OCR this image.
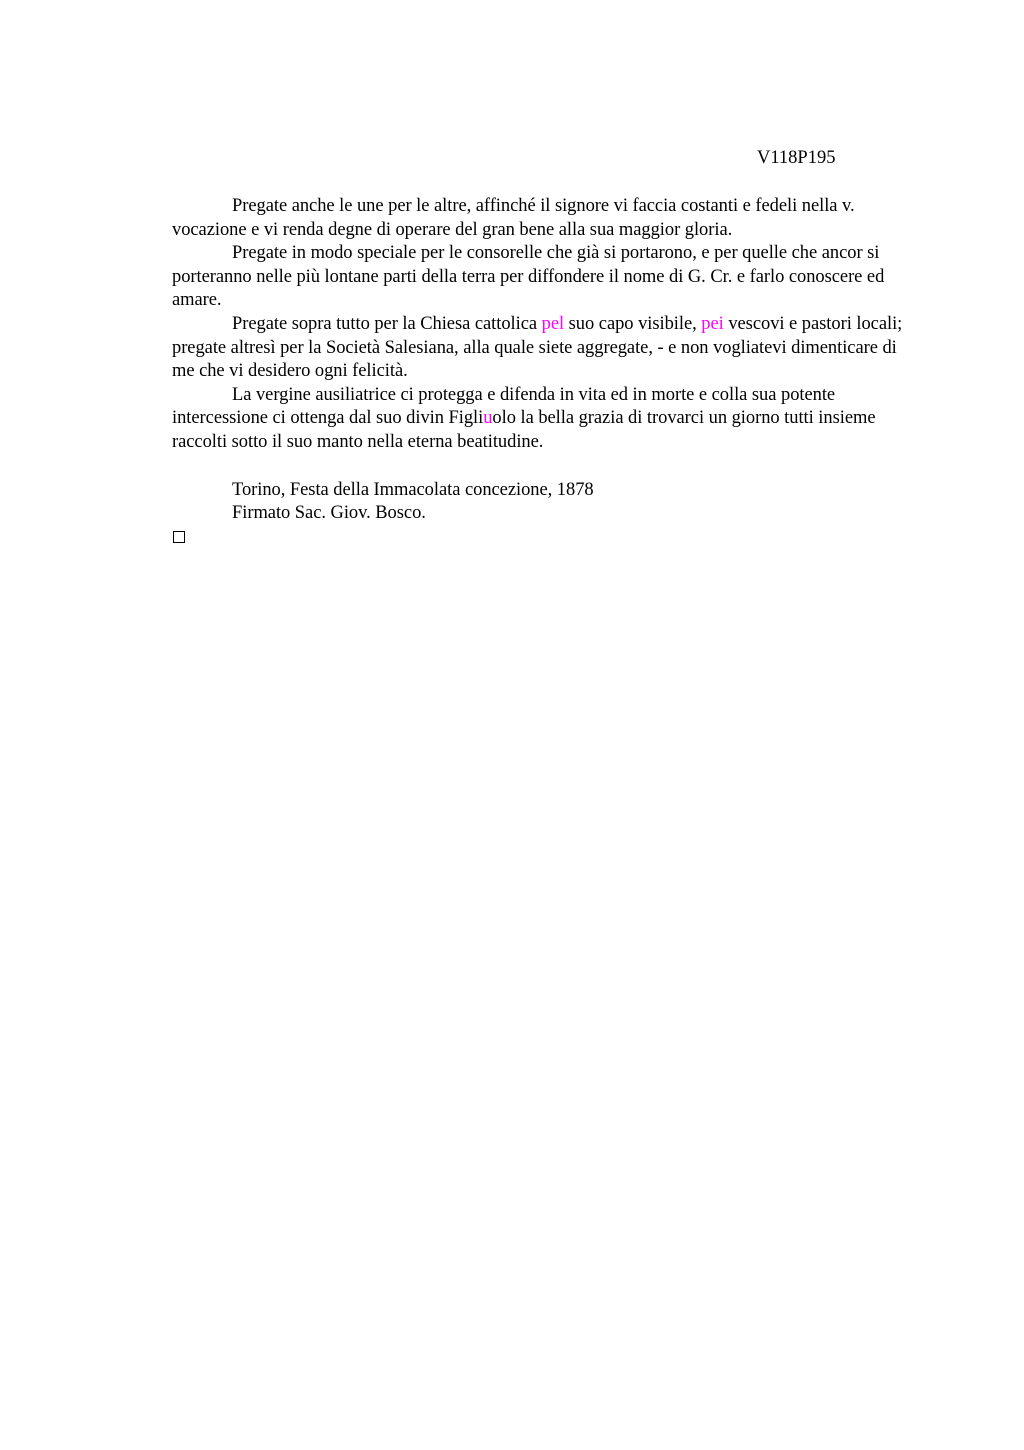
V118P195

Pregate anche le une per le altre, affinché il signore vi faccia costanti e fedeli nella v. vocazione e vi renda degne di operare del gran bene alla sua maggior gloria.

Pregate in modo speciale per le consorelle che già si portarono, e per quelle che ancor si porteranno nelle più lontane parti della terra per diffondere il nome di G. Cr. e farlo conoscere ed amare.

Pregate sopra tutto per la Chiesa cattolica pel suo capo visibile, pei vescovi e pastori locali; pregate altresì per la Società Salesiana, alla quale siete aggregate, - e non vogliatevi dimenticare di me che vi desidero ogni felicità.

La vergine ausiliatrice ci protegga e difenda in vita ed in morte e colla sua potente intercessione ci ottenga dal suo divin Figliuolo la bella grazia di trovarci un giorno tutti insieme raccolti sotto il suo manto nella eterna beatitudine.

Torino, Festa della Immacolata concezione, 1878

Firmato Sac. Giov. Bosco.
